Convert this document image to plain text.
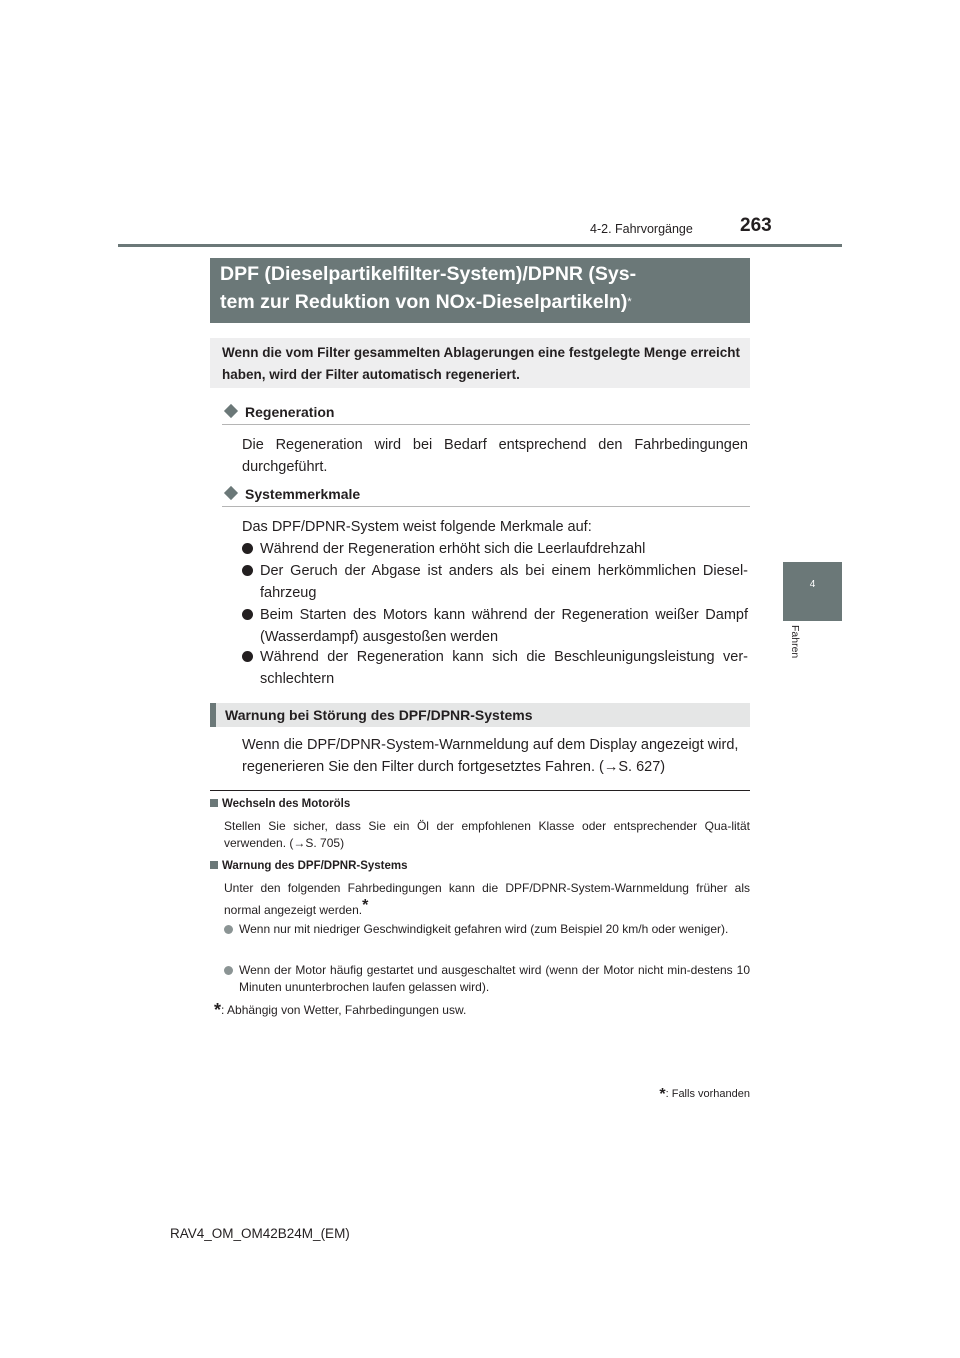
4-2. Fahrvorgänge 263
4
Fahren
DPF (Dieselpartikelfilter-System)/DPNR (Sys-
tem zur Reduktion von NOx-Dieselpartikeln)*
Wenn die vom Filter gesammelten Ablagerungen eine festgelegte Menge erreicht haben, wird der Filter automatisch regeneriert.
Regeneration
Die Regeneration wird bei Bedarf entsprechend den Fahrbedingungen durchgeführt.
Systemmerkmale
Das DPF/DPNR-System weist folgende Merkmale auf:
Während der Regeneration erhöht sich die Leerlaufdrehzahl
Der Geruch der Abgase ist anders als bei einem herkömmlichen Diesel-fahrzeug
Beim Starten des Motors kann während der Regeneration weißer Dampf (Wasserdampf) ausgestoßen werden
Während der Regeneration kann sich die Beschleunigungsleistung ver-schlechtern
Warnung bei Störung des DPF/DPNR-Systems
Wenn die DPF/DPNR-System-Warnmeldung auf dem Display angezeigt wird, regenerieren Sie den Filter durch fortgesetztes Fahren. (→S. 627)
Wechseln des Motoröls
Stellen Sie sicher, dass Sie ein Öl der empfohlenen Klasse oder entsprechender Qua-lität verwenden. (→S. 705)
Warnung des DPF/DPNR-Systems
Unter den folgenden Fahrbedingungen kann die DPF/DPNR-System-Warnmeldung früher als normal angezeigt werden.*
Wenn nur mit niedriger Geschwindigkeit gefahren wird (zum Beispiel 20 km/h oder weniger).
Wenn der Motor häufig gestartet und ausgeschaltet wird (wenn der Motor nicht min-destens 10 Minuten ununterbrochen laufen gelassen wird).
*: Abhängig von Wetter, Fahrbedingungen usw.
*: Falls vorhanden
RAV4_OM_OM42B24M_(EM)
